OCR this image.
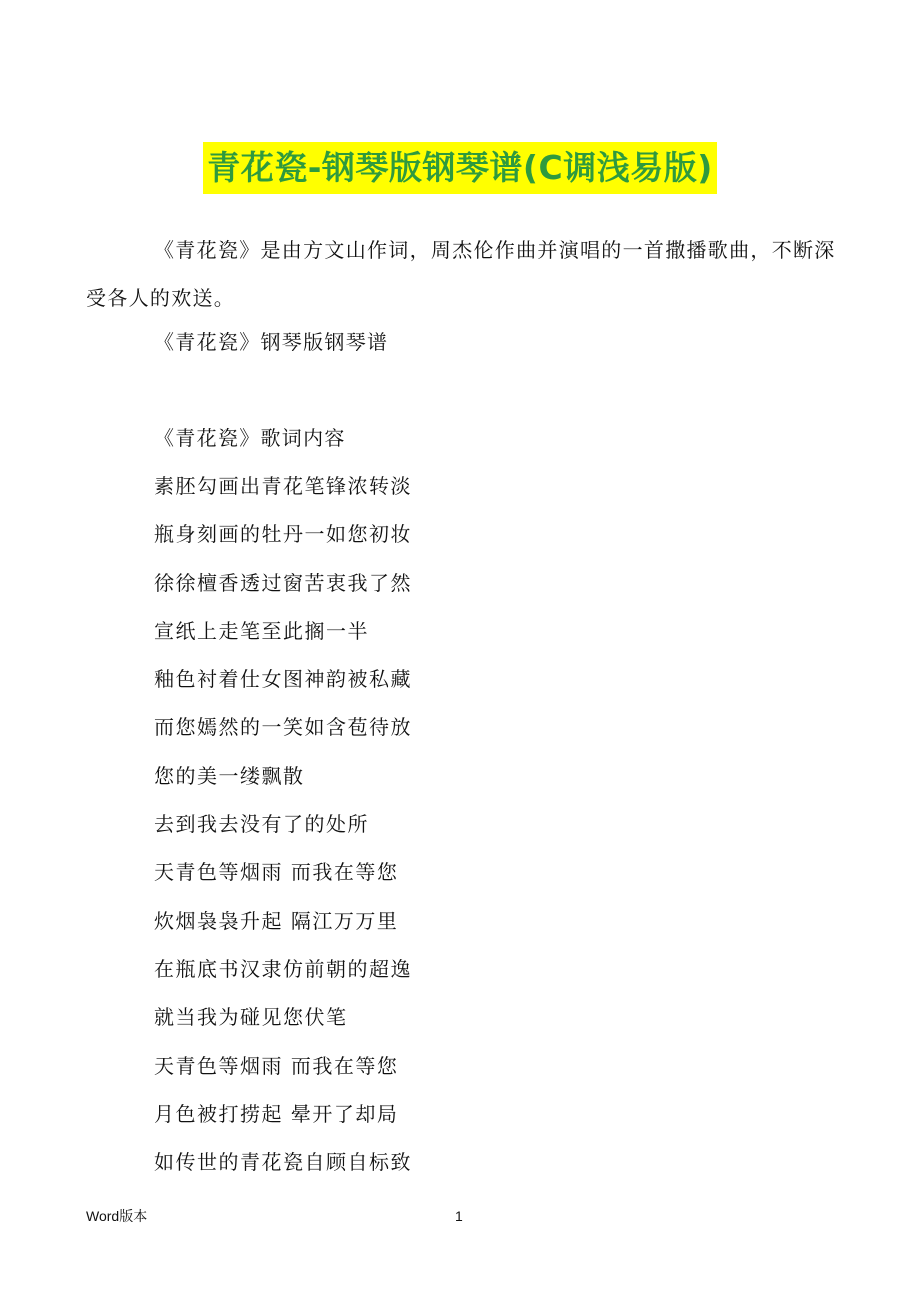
青花瓷-钢琴版钢琴谱(C调浅易版)
《青花瓷》是由方文山作词，周杰伦作曲并演唱的一首撒播歌曲，不断深受各人的欢送。
《青花瓷》钢琴版钢琴谱
《青花瓷》歌词内容
素胚勾画出青花笔锋浓转淡
瓶身刻画的牡丹一如您初妆
徐徐檀香透过窗苦衷我了然
宣纸上走笔至此搁一半
釉色衬着仕女图神韵被私藏
而您嫣然的一笑如含苞待放
您的美一缕飘散
去到我去没有了的处所
天青色等烟雨 而我在等您
炊烟袅袅升起 隔江万万里
在瓶底书汉隶仿前朝的超逸
就当我为碰见您伏笔
天青色等烟雨 而我在等您
月色被打捞起 晕开了却局
如传世的青花瓷自顾自标致
Word版本	1
